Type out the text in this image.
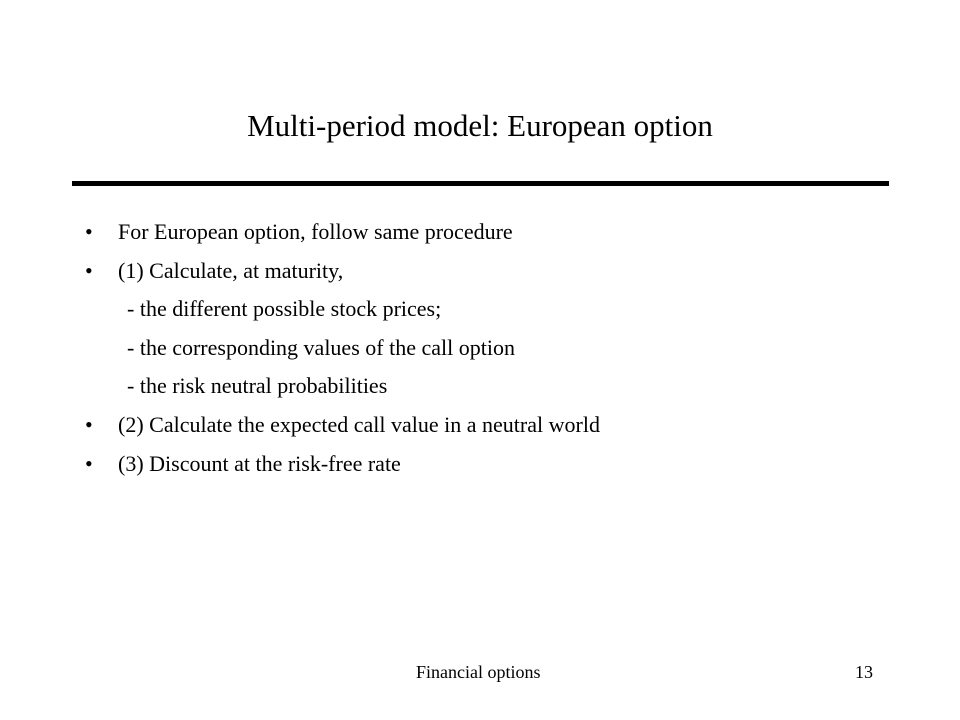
Multi-period model: European option
• For European option, follow same procedure
• (1) Calculate, at maturity,
- the different possible stock prices;
- the corresponding values of the call option
- the risk neutral probabilities
• (2) Calculate the expected call value in a neutral world
• (3) Discount at the risk-free rate
Financial options	13
